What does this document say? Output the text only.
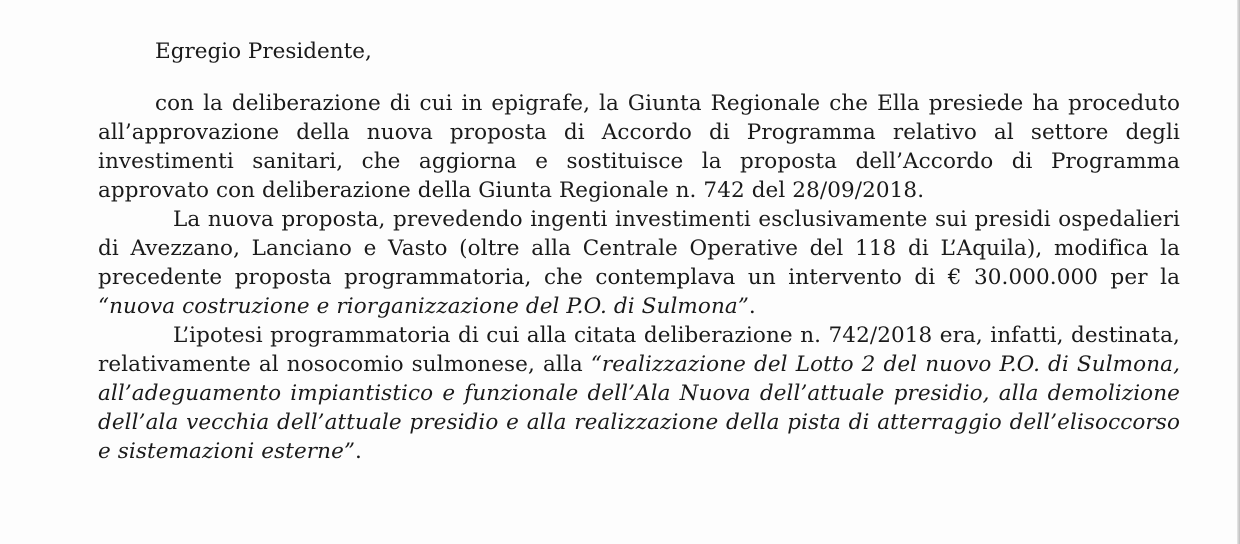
Egregio Presidente,

con la deliberazione di cui in epigrafe, la Giunta Regionale che Ella presiede ha proceduto all’approvazione della nuova proposta di Accordo di Programma relativo al settore degli investimenti sanitari, che aggiorna e sostituisce la proposta dell’Accordo di Programma approvato con deliberazione della Giunta Regionale n. 742 del 28/09/2018.

La nuova proposta, prevedendo ingenti investimenti esclusivamente sui presidi ospedalieri di Avezzano, Lanciano e Vasto (oltre alla Centrale Operative del 118 di L’Aquila), modifica la precedente proposta programmatoria, che contemplava un intervento di € 30.000.000 per la “nuova costruzione e riorganizzazione del P.O. di Sulmona”.

L’ipotesi programmatoria di cui alla citata deliberazione n. 742/2018 era, infatti, destinata, relativamente al nosocomio sulmonese, alla “realizzazione del Lotto 2 del nuovo P.O. di Sulmona, all’adeguamento impiantistico e funzionale dell’Ala Nuova dell’attuale presidio, alla demolizione dell’ala vecchia dell’attuale presidio e alla realizzazione della pista di atterraggio dell’elisoccorso e sistemazioni esterne”.
